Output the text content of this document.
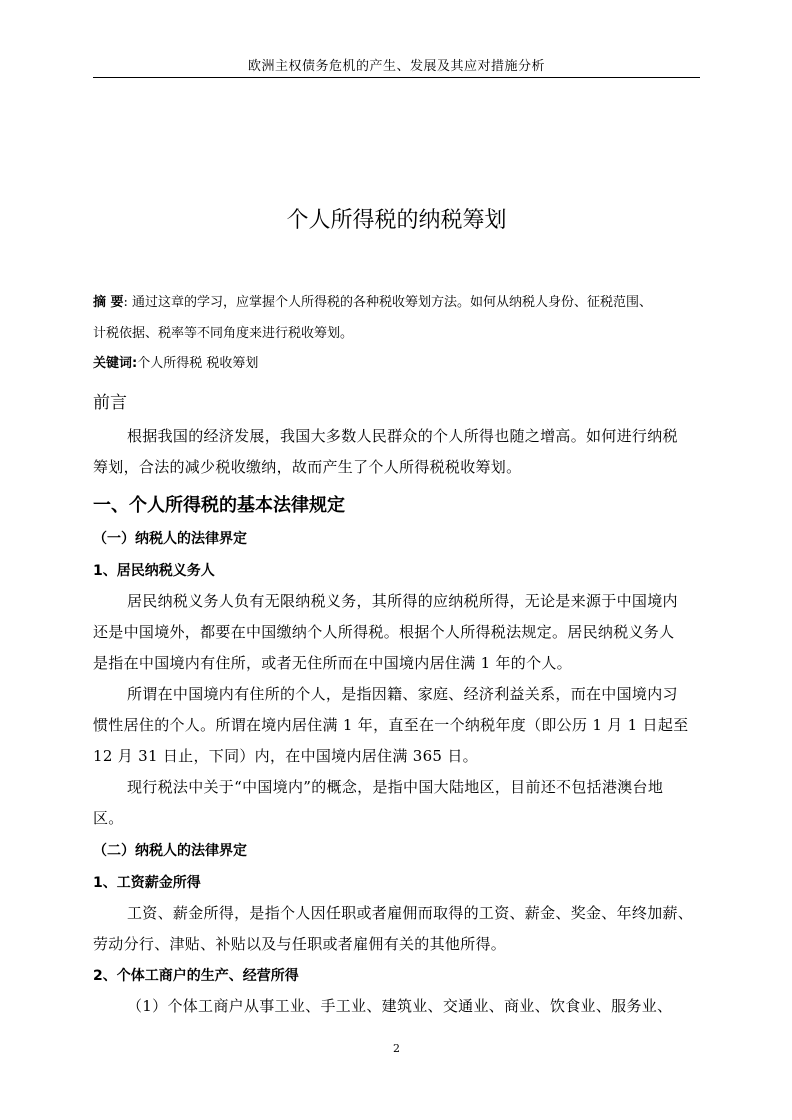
欧洲主权债务危机的产生、发展及其应对措施分析
个人所得税的纳税筹划
摘 要: 通过这章的学习，应掌握个人所得税的各种税收筹划方法。如何从纳税人身份、征税范围、
计税依据、税率等不同角度来进行税收筹划。
关键词:个人所得税 税收筹划
前言
根据我国的经济发展，我国大多数人民群众的个人所得也随之增高。如何进行纳税
筹划，合法的减少税收缴纳，故而产生了个人所得税税收筹划。
一、个人所得税的基本法律规定
（一）纳税人的法律界定
1、居民纳税义务人
居民纳税义务人负有无限纳税义务，其所得的应纳税所得，无论是来源于中国境内
还是中国境外，都要在中国缴纳个人所得税。根据个人所得税法规定。居民纳税义务人
是指在中国境内有住所，或者无住所而在中国境内居住满 1 年的个人。
所谓在中国境内有住所的个人，是指因籍、家庭、经济利益关系，而在中国境内习
惯性居住的个人。所谓在境内居住满 1 年，直至在一个纳税年度（即公历 1 月 1 日起至
12 月 31 日止，下同）内，在中国境内居住满 365 日。
现行税法中关于“中国境内”的概念，是指中国大陆地区，目前还不包括港澳台地
区。
（二）纳税人的法律界定
1、工资薪金所得
工资、薪金所得，是指个人因任职或者雇佣而取得的工资、薪金、奖金、年终加薪、
劳动分行、津贴、补贴以及与任职或者雇佣有关的其他所得。
2、个体工商户的生产、经营所得
（1）个体工商户从事工业、手工业、建筑业、交通业、商业、饮食业、服务业、
2
